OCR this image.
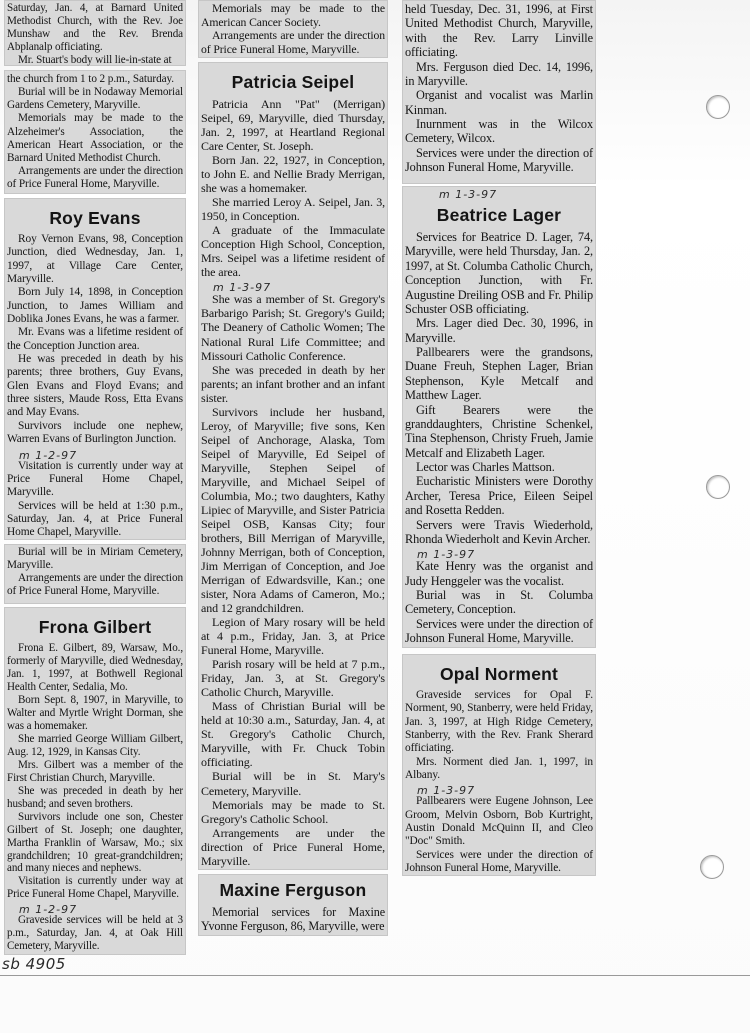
Saturday, Jan. 4, at Barnard United Methodist Church, with the Rev. Joe Munshaw and the Rev. Brenda Abplanalp officiating.

Mr. Stuart's body will lie-in-state at

the church from 1 to 2 p.m., Saturday.

Burial will be in Nodaway Memorial Gardens Cemetery, Maryville.

Memorials may be made to the Alzeheimer's Association, the American Heart Association, or the Barnard United Methodist Church.

Arrangements are under the direction of Price Funeral Home, Maryville.

Roy Evans

Roy Vernon Evans, 98, Conception Junction, died Wednesday, Jan. 1, 1997, at Village Care Center, Maryville.

Born July 14, 1898, in Conception Junction, to James William and Doblika Jones Evans, he was a farmer.

Mr. Evans was a lifetime resident of the Conception Junction area.

He was preceded in death by his parents; three brothers, Guy Evans, Glen Evans and Floyd Evans; and three sisters, Maude Ross, Etta Evans and May Evans.

Survivors include one nephew, Warren Evans of Burlington Junction.

m 1-2-97

Visitation is currently under way at Price Funeral Home Chapel, Maryville.

Services will be held at 1:30 p.m., Saturday, Jan. 4, at Price Funeral Home Chapel, Maryville.

Burial will be in Miriam Cemetery, Maryville.

Arrangements are under the direction of Price Funeral Home, Maryville.

Frona Gilbert

Frona E. Gilbert, 89, Warsaw, Mo., formerly of Maryville, died Wednesday, Jan. 1, 1997, at Bothwell Regional Health Center, Sedalia, Mo.

Born Sept. 8, 1907, in Maryville, to Walter and Myrtle Wright Dorman, she was a homemaker.

She married George William Gilbert, Aug. 12, 1929, in Kansas City.

Mrs. Gilbert was a member of the First Christian Church, Maryville.

She was preceded in death by her husband; and seven brothers.

Survivors include one son, Chester Gilbert of St. Joseph; one daughter, Martha Franklin of Warsaw, Mo.; six grandchildren; 10 great-grandchildren; and many nieces and nephews.

Visitation is currently under way at Price Funeral Home Chapel, Maryville.

m 1-2-97

Graveside services will be held at 3 p.m., Saturday, Jan. 4, at Oak Hill Cemetery, Maryville.

Memorials may be made to the American Cancer Society.

Arrangements are under the direction of Price Funeral Home, Maryville.

Patricia Seipel

Patricia Ann "Pat" (Merrigan) Seipel, 69, Maryville, died Thursday, Jan. 2, 1997, at Heartland Regional Care Center, St. Joseph.

Born Jan. 22, 1927, in Conception, to John E. and Nellie Brady Merrigan, she was a homemaker.

She married Leroy A. Seipel, Jan. 3, 1950, in Conception.

A graduate of the Immaculate Conception High School, Conception, Mrs. Seipel was a lifetime resident of the area.

m 1-3-97

She was a member of St. Gregory's Barbarigo Parish; St. Gregory's Guild; The Deanery of Catholic Women; The National Rural Life Committee; and Missouri Catholic Conference.

She was preceded in death by her parents; an infant brother and an infant sister.

Survivors include her husband, Leroy, of Maryville; five sons, Ken Seipel of Anchorage, Alaska, Tom Seipel of Maryville, Ed Seipel of Maryville, Stephen Seipel of Maryville, and Michael Seipel of Columbia, Mo.; two daughters, Kathy Lipiec of Maryville, and Sister Patricia Seipel OSB, Kansas City; four brothers, Bill Merrigan of Maryville, Johnny Merrigan, both of Conception, Jim Merrigan of Conception, and Joe Merrigan of Edwardsville, Kan.; one sister, Nora Adams of Cameron, Mo.; and 12 grandchildren.

Legion of Mary rosary will be held at 4 p.m., Friday, Jan. 3, at Price Funeral Home, Maryville.

Parish rosary will be held at 7 p.m., Friday, Jan. 3, at St. Gregory's Catholic Church, Maryville.

Mass of Christian Burial will be held at 10:30 a.m., Saturday, Jan. 4, at St. Gregory's Catholic Church, Maryville, with Fr. Chuck Tobin officiating.

Burial will be in St. Mary's Cemetery, Maryville.

Memorials may be made to St. Gregory's Catholic School.

Arrangements are under the direction of Price Funeral Home, Maryville.

Maxine Ferguson

Memorial services for Maxine Yvonne Ferguson, 86, Maryville, were

held Tuesday, Dec. 31, 1996, at First United Methodist Church, Maryville, with the Rev. Larry Linville officiating.

Mrs. Ferguson died Dec. 14, 1996, in Maryville.

Organist and vocalist was Marlin Kinman.

Inurnment was in the Wilcox Cemetery, Wilcox.

Services were under the direction of Johnson Funeral Home, Maryville.

m 1-3-97
Beatrice Lager

Services for Beatrice D. Lager, 74, Maryville, were held Thursday, Jan. 2, 1997, at St. Columba Catholic Church, Conception Junction, with Fr. Augustine Dreiling OSB and Fr. Philip Schuster OSB officiating.

Mrs. Lager died Dec. 30, 1996, in Maryville.

Pallbearers were the grandsons, Duane Freuh, Stephen Lager, Brian Stephenson, Kyle Metcalf and Matthew Lager.

Gift Bearers were the granddaughters, Christine Schenkel, Tina Stephenson, Christy Frueh, Jamie Metcalf and Elizabeth Lager.

Lector was Charles Mattson.

Eucharistic Ministers were Dorothy Archer, Teresa Price, Eileen Seipel and Rosetta Redden.

Servers were Travis Wiederhold, Rhonda Wiederholt and Kevin Archer.

m 1-3-97

Kate Henry was the organist and Judy Henggeler was the vocalist.

Burial was in St. Columba Cemetery, Conception.

Services were under the direction of Johnson Funeral Home, Maryville.

Opal Norment

Graveside services for Opal F. Norment, 90, Stanberry, were held Friday, Jan. 3, 1997, at High Ridge Cemetery, Stanberry, with the Rev. Frank Sherard officiating.

Mrs. Norment died Jan. 1, 1997, in Albany.

m 1-3-97

Pallbearers were Eugene Johnson, Lee Groom, Melvin Osborn, Bob Kurtright, Austin Donald McQuinn II, and Cleo "Doc" Smith.

Services were under the direction of Johnson Funeral Home, Maryville.

sb 4905
